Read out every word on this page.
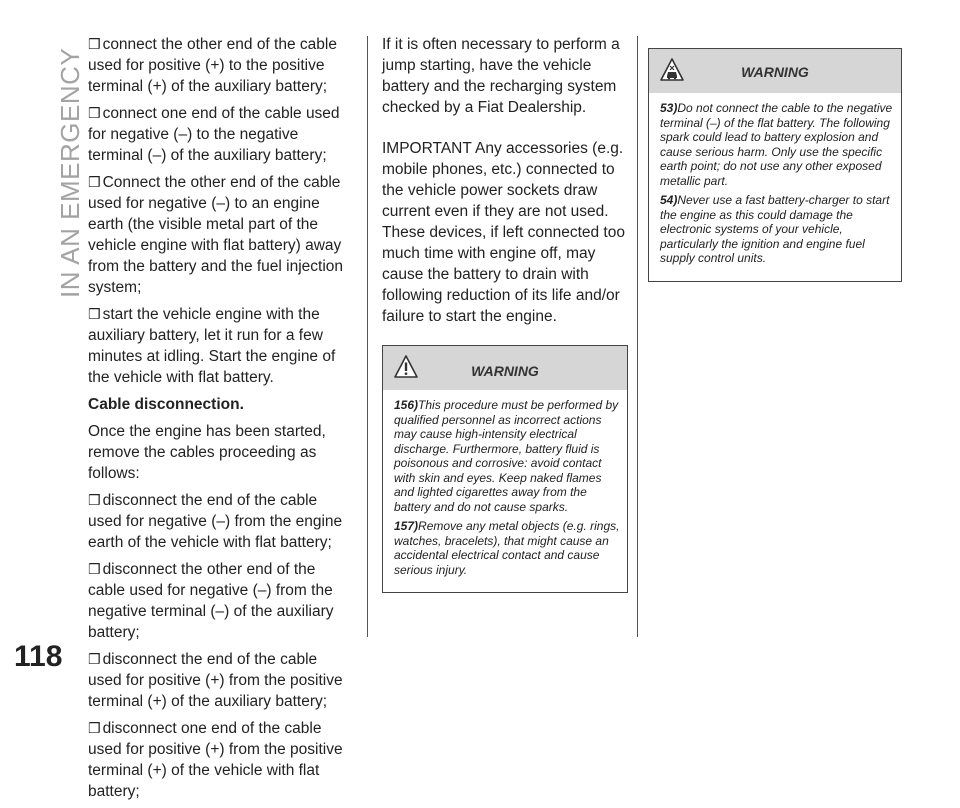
IN AN EMERGENCY
118

❒ connect the other end of the cable used for positive (+) to the positive terminal (+) of the auxiliary battery;

❒ connect one end of the cable used for negative (–) to the negative terminal (–) of the auxiliary battery;

❒ Connect the other end of the cable used for negative (–) to an engine earth (the visible metal part of the vehicle engine with flat battery) away from the battery and the fuel injection system;

❒ start the vehicle engine with the auxiliary battery, let it run for a few minutes at idling. Start the engine of the vehicle with flat battery.

Cable disconnection.

Once the engine has been started, remove the cables proceeding as follows:

❒ disconnect the end of the cable used for negative (–) from the engine earth of the vehicle with flat battery;

❒ disconnect the other end of the cable used for negative (–) from the negative terminal (–) of the auxiliary battery;

❒ disconnect the end of the cable used for positive (+) from the positive terminal (+) of the auxiliary battery;

❒ disconnect one end of the cable used for positive (+) from the positive terminal (+) of the vehicle with flat battery;

If it is often necessary to perform a jump starting, have the vehicle battery and the recharging system checked by a Fiat Dealership.

IMPORTANT Any accessories (e.g. mobile phones, etc.) connected to the vehicle power sockets draw current even if they are not used. These devices, if left connected too much time with engine off, may cause the battery to drain with following reduction of its life and/or failure to start the engine.

WARNING

156)This procedure must be performed by qualified personnel as incorrect actions may cause high-intensity electrical discharge. Furthermore, battery fluid is poisonous and corrosive: avoid contact with skin and eyes. Keep naked flames and lighted cigarettes away from the battery and do not cause sparks.

157)Remove any metal objects (e.g. rings, watches, bracelets), that might cause an accidental electrical contact and cause serious injury.

WARNING

53)Do not connect the cable to the negative terminal (–) of the flat battery. The following spark could lead to battery explosion and cause serious harm. Only use the specific earth point; do not use any other exposed metallic part.

54)Never use a fast battery-charger to start the engine as this could damage the electronic systems of your vehicle, particularly the ignition and engine fuel supply control units.
